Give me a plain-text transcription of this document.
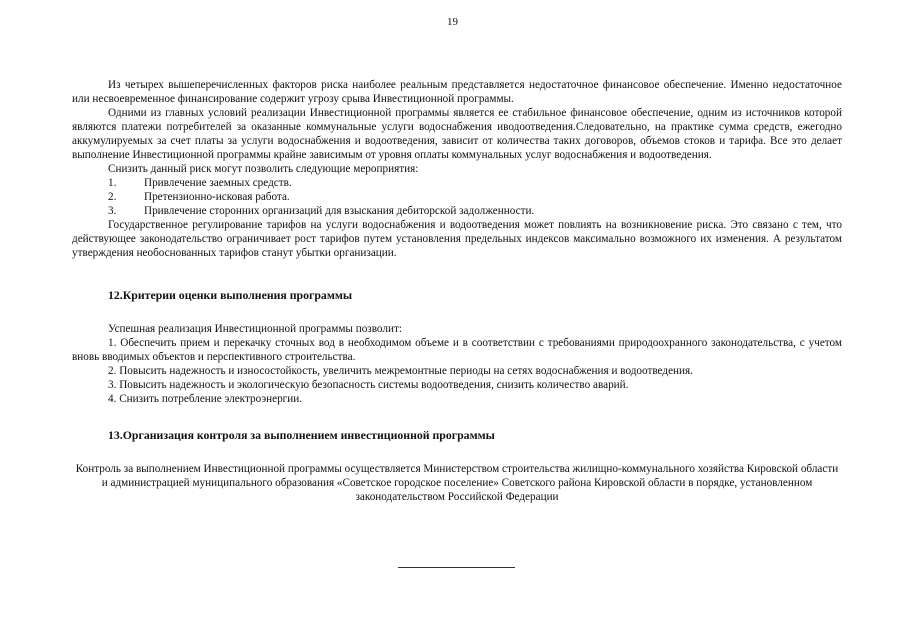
19

Из четырех вышеперечисленных факторов риска наиболее реальным представляется недостаточное финансовое обеспечение. Именно недостаточное или несвоевременное финансирование содержит угрозу срыва Инвестиционной программы.

Одними из главных условий реализации Инвестиционной программы является ее стабильное финансовое обеспечение, одним из источников которой являются платежи потребителей за оказанные коммунальные услуги водоснабжения иводоотведения.Следовательно, на практике сумма средств, ежегодно аккумулируемых за счет платы за услуги водоснабжения и водоотведения, зависит от количества таких договоров, объемов стоков и тарифа. Все это делает выполнение Инвестиционной программы крайне зависимым от уровня оплаты коммунальных услуг водоснабжения и водоотведения.

Снизить данный риск могут позволить следующие мероприятия:

1. Привлечение заемных средств.
2. Претензионно-исковая работа.
3. Привлечение сторонних организаций для взыскания дебиторской задолженности.

Государственное регулирование тарифов на услуги водоснабжения и водоотведения может повлиять на возникновение риска. Это связано с тем, что действующее законодательство ограничивает рост тарифов путем установления предельных индексов максимально возможного их изменения. А результатом утверждения необоснованных тарифов станут убытки организации.

12.Критерии оценки выполнения программы

Успешная реализация Инвестиционной программы позволит:

1. Обеспечить прием и перекачку сточных вод в необходимом объеме и в соответствии с требованиями природоохранного законодательства, с учетом вновь вводимых объектов и перспективного строительства.

2. Повысить надежность и износостойкость, увеличить межремонтные периоды на сетях водоснабжения и водоотведения.

3. Повысить надежность и экологическую безопасность системы водоотведения, снизить количество аварий.

4. Снизить потребление электроэнергии.

13.Организация контроля за выполнением инвестиционной программы

Контроль за выполнением Инвестиционной программы осуществляется Министерством строительства жилищно-коммунального хозяйства Кировской области и администрацией муниципального образования «Советское городское поселение» Советского района Кировской области в порядке, установленном законодательством Российской Федерации
